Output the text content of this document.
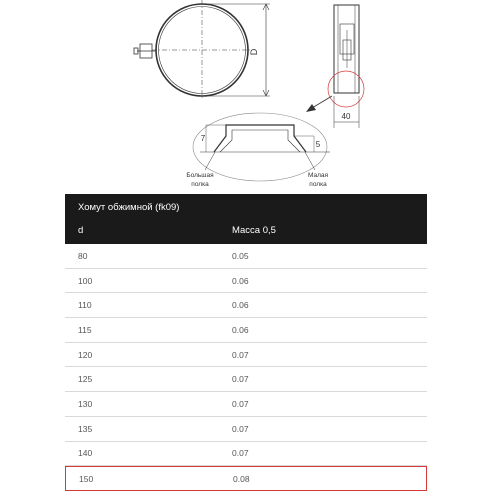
D
40
7
5
Большая
полка
Малая
полка
Хомут обжимной (fk09)
d	Масса 0,5
80	0.05
100	0.06
110	0.06
115	0.06
120	0.07
125	0.07
130	0.07
135	0.07
140	0.07
150	0.08
